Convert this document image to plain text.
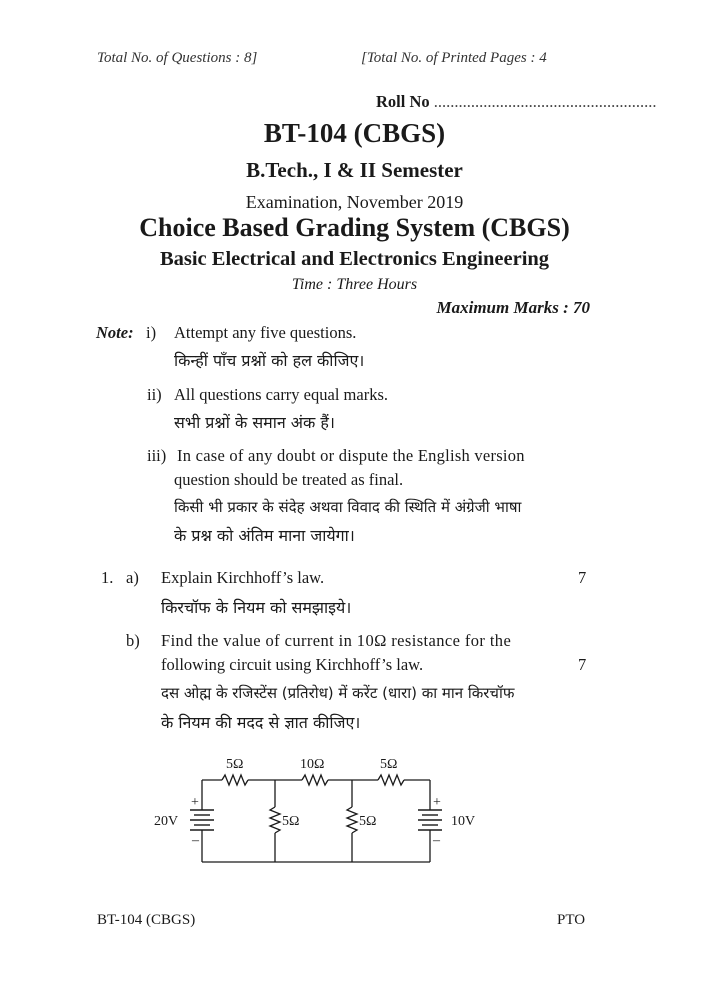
Total No. of Questions : 8]	[Total No. of Printed Pages : 4
Roll No ......................................................
BT-104 (CBGS)
B.Tech., I & II Semester
Examination, November 2019
Choice Based Grading System (CBGS)
Basic Electrical and Electronics Engineering
Time : Three Hours
Maximum Marks : 70
Note: i) Attempt any five questions.
किन्हीं पाँच प्रश्नों को हल कीजिए।
ii) All questions carry equal marks.
सभी प्रश्नों के समान अंक हैं।
iii) In case of any doubt or dispute the English version
question should be treated as final.
किसी भी प्रकार के संदेह अथवा विवाद की स्थिति में अंग्रेजी भाषा
के प्रश्न को अंतिम माना जायेगा।
1. a) Explain Kirchhoff’s law.	7
किरचॉफ के नियम को समझाइये।
b) Find the value of current in 10Ω resistance for the
following circuit using Kirchhoff’s law.	7
दस ओह्म के रजिस्टेंस (प्रतिरोध) में करेंट (धारा) का मान किरचॉफ
के नियम की मदद से ज्ञात कीजिए।
5Ω	10Ω	5Ω
5Ω	5Ω
20V	10V
+
–
+
–
BT-104 (CBGS)	PTO
